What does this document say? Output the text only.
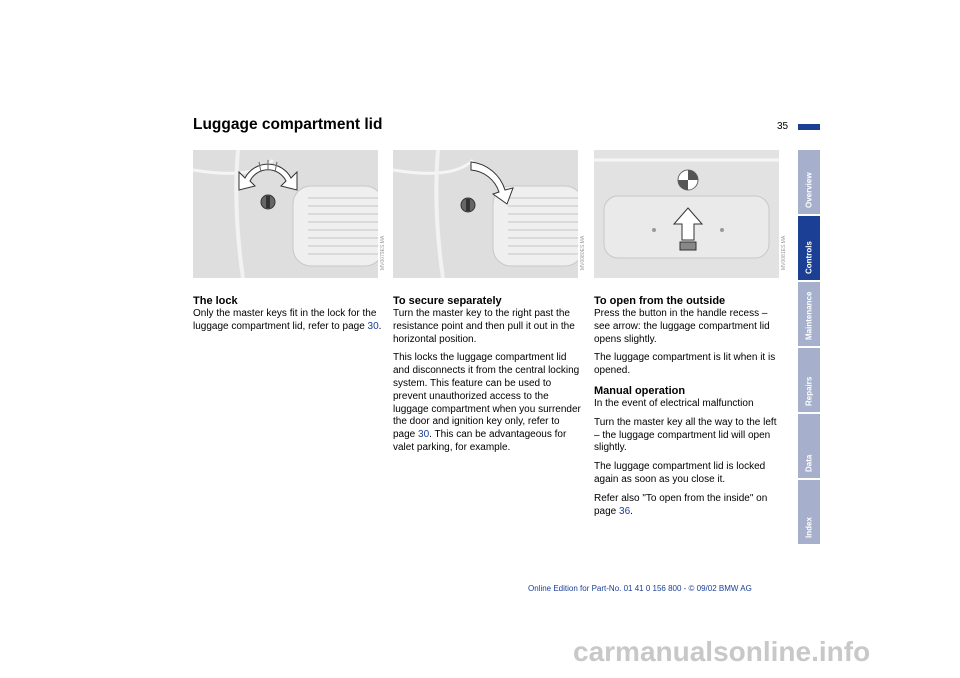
Luggage compartment lid	35
MV0079ES.MA	MV0080ES.MA	MV0081ES.MA
The lock

Only the master keys fit in the lock for the luggage compartment lid, refer to page 30.

To secure separately

Turn the master key to the right past the resistance point and then pull it out in the horizontal position.

This locks the luggage compartment lid and disconnects it from the central locking system. This feature can be used to prevent unauthorized access to the luggage compartment when you surrender the door and ignition key only, refer to page 30. This can be advantageous for valet parking, for example.

To open from the outside

Press the button in the handle recess – see arrow: the luggage compartment lid opens slightly.

The luggage compartment is lit when it is opened.

Manual operation

In the event of electrical malfunction

Turn the master key all the way to the left – the luggage compartment lid will open slightly.

The luggage compartment lid is locked again as soon as you close it.

Refer also "To open from the inside" on page 36.

Overview
Controls
Maintenance
Repairs
Data
Index
Online Edition for Part-No. 01 41 0 156 800 - © 09/02 BMW AG
carmanualsonline.info
